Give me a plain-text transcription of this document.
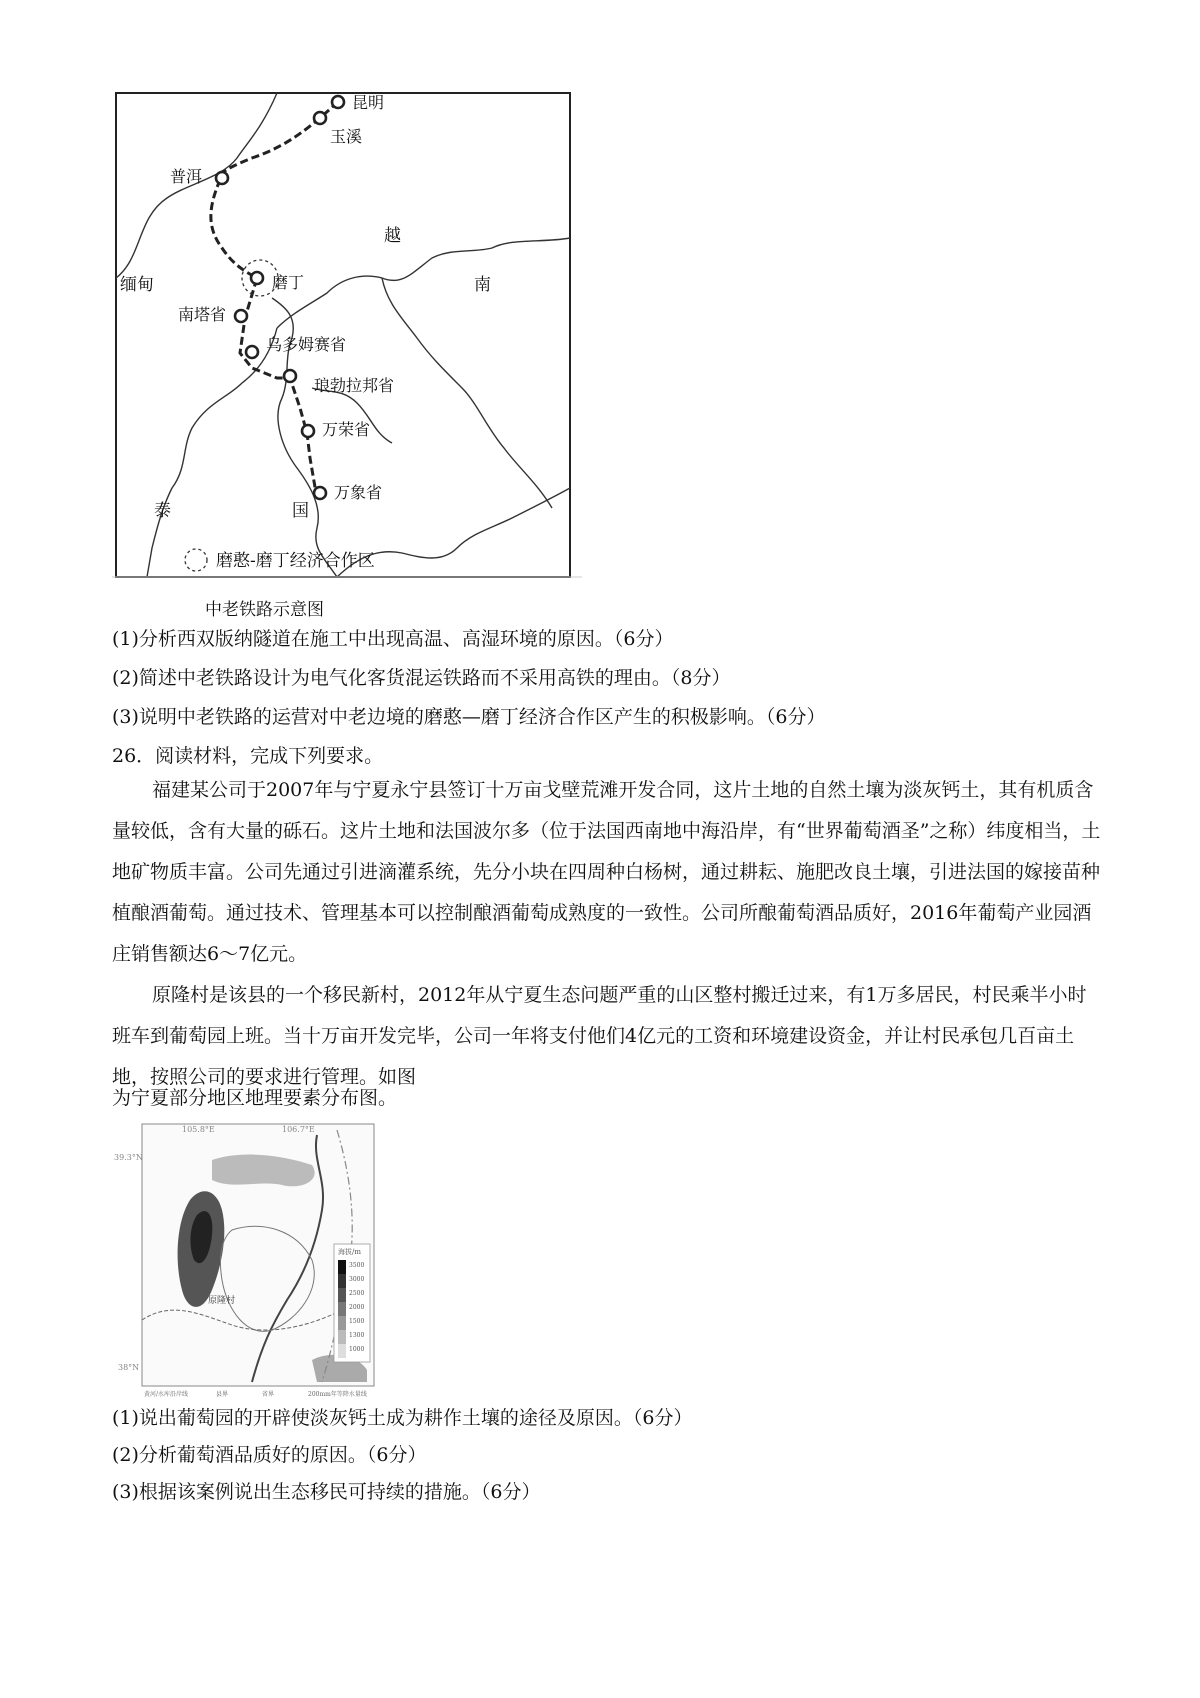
昆明
玉溪
普洱
磨丁
南塔省
乌多姆赛省
琅勃拉邦省
万荣省
万象省
越
南
缅甸
泰	国
磨憨-磨丁经济合作区
中老铁路示意图
(1)分析西双版纳隧道在施工中出现高温、高湿环境的原因。（6分）
(2)简述中老铁路设计为电气化客货混运铁路而不采用高铁的理由。（8分）
(3)说明中老铁路的运营对中老边境的磨憨—磨丁经济合作区产生的积极影响。（6分）
26．阅读材料，完成下列要求。
福建某公司于2007年与宁夏永宁县签订十万亩戈壁荒滩开发合同，这片土地的自然土壤为淡灰钙土，其有机质含量较低，含有大量的砾石。这片土地和法国波尔多（位于法国西南地中海沿岸，有“世界葡萄酒圣”之称）纬度相当，土地矿物质丰富。公司先通过引进滴灌系统，先分小块在四周种白杨树，通过耕耘、施肥改良土壤，引进法国的嫁接苗种植酿酒葡萄。通过技术、管理基本可以控制酿酒葡萄成熟度的一致性。公司所酿葡萄酒品质好，2016年葡萄产业园酒庄销售额达6～7亿元。
原隆村是该县的一个移民新村，2012年从宁夏生态问题严重的山区整村搬迁过来，有1万多居民，村民乘半小时班车到葡萄园上班。当十万亩开发完毕，公司一年将支付他们4亿元的工资和环境建设资金，并让村民承包几百亩土地，按照公司的要求进行管理。如图
为宁夏部分地区地理要素分布图。
105.8°E	106.7°E
39.3°N
38°N
原隆村
海拔/m
3500
3000
2500
2000
1500
1300
1000
黄河/水库沿岸线	县界	省界	200mm年等降水量线
(1)说出葡萄园的开辟使淡灰钙土成为耕作土壤的途径及原因。（6分）
(2)分析葡萄酒品质好的原因。（6分）
(3)根据该案例说出生态移民可持续的措施。（6分）
